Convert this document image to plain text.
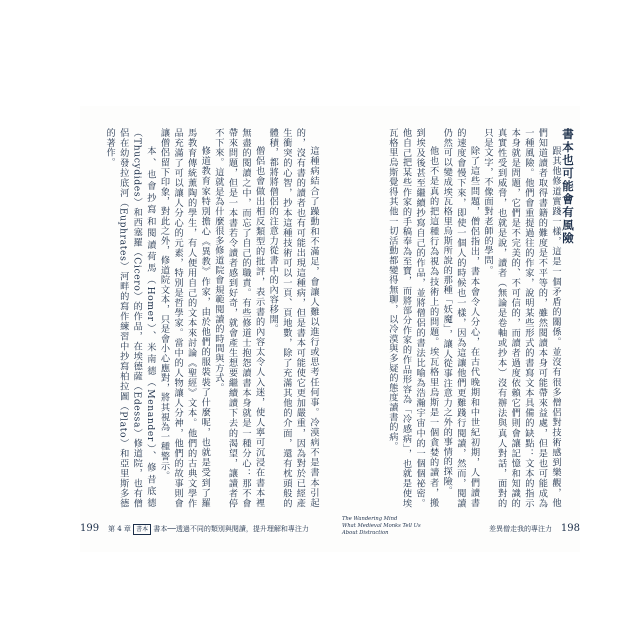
這種病結合了躁動和不滿足，會讓人難以進行或思考任何事。冷漠病不是書本引起的，沒有書的讀者也有可能出現這種病，但是書本可能使它更加嚴重，因為對於已經產生衝突的心智，抄本這種技術可以一頁、頁地數，除了充滿其他的介面，還有枕頭般的體積，都將將僧侶的注意力從書中的內容移開。

僧侶也會做出相反類型的批評，表示書的內容太令人入迷，使人寧可沉浸在書本裡無盡的閱讀之中，而忘了自己的職責。有些修道士抱怨讀書本身就是一種分心：那不會帶來問題，但是一本書若令讀者感到好奇，就會產生想要繼續讀下去的渴望，讓讀者停不下來。這就是為什麼很多修道院會規範閱讀的時間與方式。

修道教育家特別擔心《異教》作家，由於他們的服裝裝了什麼呢，也就是受到了羅馬教育傳統薰陶的學生，有人便用自己的文本來討論《聖經》文本。他們的古典文學作品充滿了可以讓人分心的元素，特別是哲學家。當中的人物讓人分神，他們的故事則會讓僧侶留下印象，對此之外，修道院文本，只是會小心應對，將其視為一種警示。

本、也會抄寫和閱讀荷馬（Homer）、米南德（Menander）、修昔底德（Thucydides）和西塞羅（Cicero）的作品，在埃德薩（Edessa）修道院，也有僧侶在幼發拉底河（Euphrates）河畔的寫作練習中抄寫柏拉圖（Plato）和亞里斯多德的著作。

199 第 4 章 書本 書本──透過不同的類別與閱讀，提升理解和專注力
書本也可能會有風險

跟其他修道實踐一樣，這是一個矛盾的關係。並沒有很多僧侶對技術感到樂觀，他們知道讀者取得書籍的難度是不平等的，雖然閱讀本身可能帶來益處，但是也可能成為一種風險。他們會重提過往的作家，說明某些形式的書寫文本具備的缺點：文本的指示本身就是問題，它們是不完美的、不可信的，而讀者過度依賴它們則會讓記憶和知識的真實性受到威脅，也就是說，讀者（無論是卷軸或抄本）沒有辦法與真人對話，面對的只是文字，不像面對老師的學問。

除了這些問題，僧侶指出，書本會令人分心，在古代晚期和中世紀初期，人們讀書的速度會慢下來，即使一個人的時候也一樣，因為這讓他們更難踐行閱讀，然而，閱讀仍然可以變成埃瓦格里烏斯所說的那種「妖魔」，讓人從事注意力之外的事情的探險。

他也不是真的把這種行為視為技術上的問題。埃瓦格里烏斯是一個貪婪的讀者，搬到埃及後甚至繼續抄寫自己的作品，並將僧侶的書法比喻為浩瀚宇宙中的一個個祕密。他自己把某些作家的手稿奉為至寶，而將部分作家的作品形容為「冷感病」，也就是使埃瓦格里烏斯覺得其他一切活動都變得無聊，以冷漠與多疑的態度讀書的病。

The Wandering Mind
What Medieval Monks Tell Us
About Distraction	差異僧走我的專注力 198
